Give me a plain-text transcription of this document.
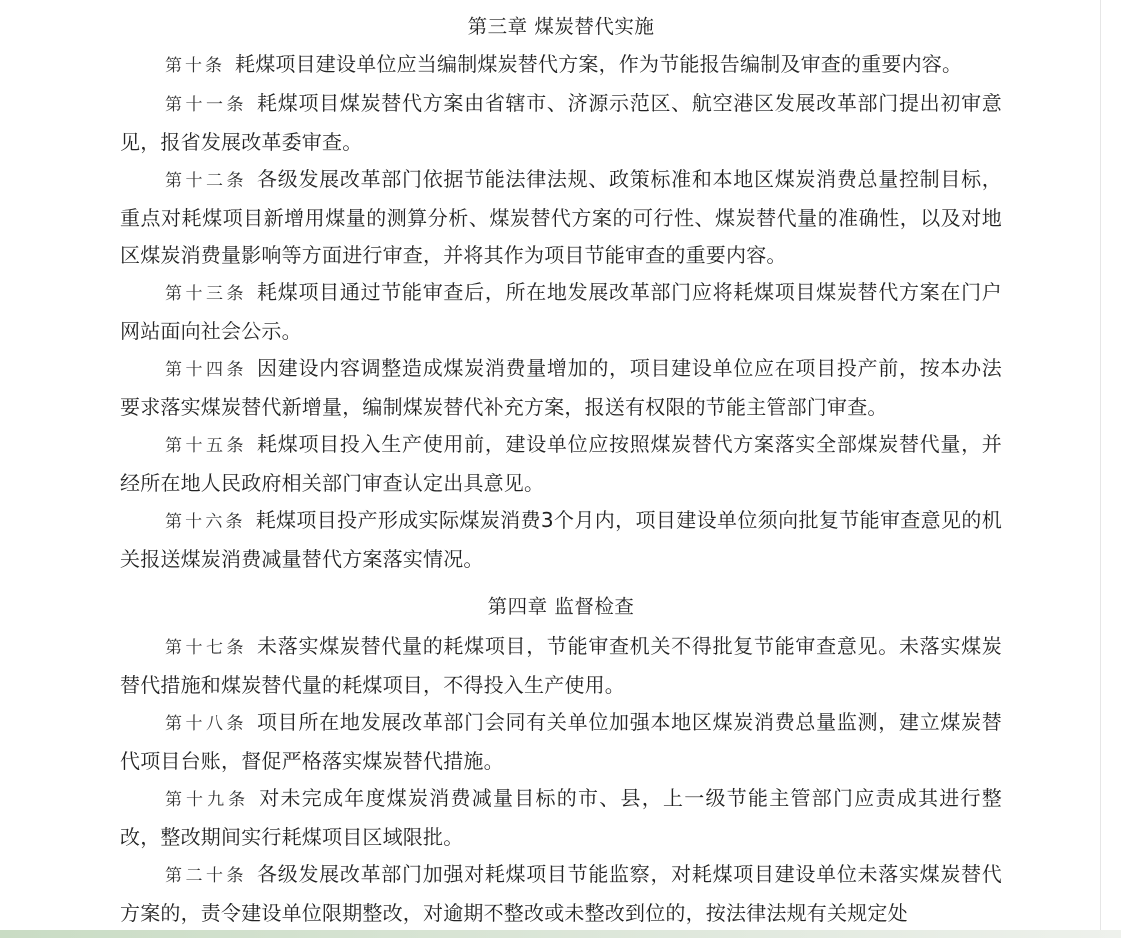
第三章 煤炭替代实施

第十条 耗煤项目建设单位应当编制煤炭替代方案，作为节能报告编制及审查的重要内容。

第十一条 耗煤项目煤炭替代方案由省辖市、济源示范区、航空港区发展改革部门提出初审意见，报省发展改革委审查。

第十二条 各级发展改革部门依据节能法律法规、政策标准和本地区煤炭消费总量控制目标，重点对耗煤项目新增用煤量的测算分析、煤炭替代方案的可行性、煤炭替代量的准确性，以及对地区煤炭消费量影响等方面进行审查，并将其作为项目节能审查的重要内容。

第十三条 耗煤项目通过节能审查后，所在地发展改革部门应将耗煤项目煤炭替代方案在门户网站面向社会公示。

第十四条 因建设内容调整造成煤炭消费量增加的，项目建设单位应在项目投产前，按本办法要求落实煤炭替代新增量，编制煤炭替代补充方案，报送有权限的节能主管部门审查。

第十五条 耗煤项目投入生产使用前，建设单位应按照煤炭替代方案落实全部煤炭替代量，并经所在地人民政府相关部门审查认定出具意见。

第十六条 耗煤项目投产形成实际煤炭消费3个月内，项目建设单位须向批复节能审查意见的机关报送煤炭消费减量替代方案落实情况。

第四章 监督检查

第十七条 未落实煤炭替代量的耗煤项目，节能审查机关不得批复节能审查意见。未落实煤炭替代措施和煤炭替代量的耗煤项目，不得投入生产使用。

第十八条 项目所在地发展改革部门会同有关单位加强本地区煤炭消费总量监测，建立煤炭替代项目台账，督促严格落实煤炭替代措施。

第十九条 对未完成年度煤炭消费减量目标的市、县，上一级节能主管部门应责成其进行整改，整改期间实行耗煤项目区域限批。

第二十条 各级发展改革部门加强对耗煤项目节能监察，对耗煤项目建设单位未落实煤炭替代方案的，责令建设单位限期整改，对逾期不整改或未整改到位的，按法律法规有关规定处
